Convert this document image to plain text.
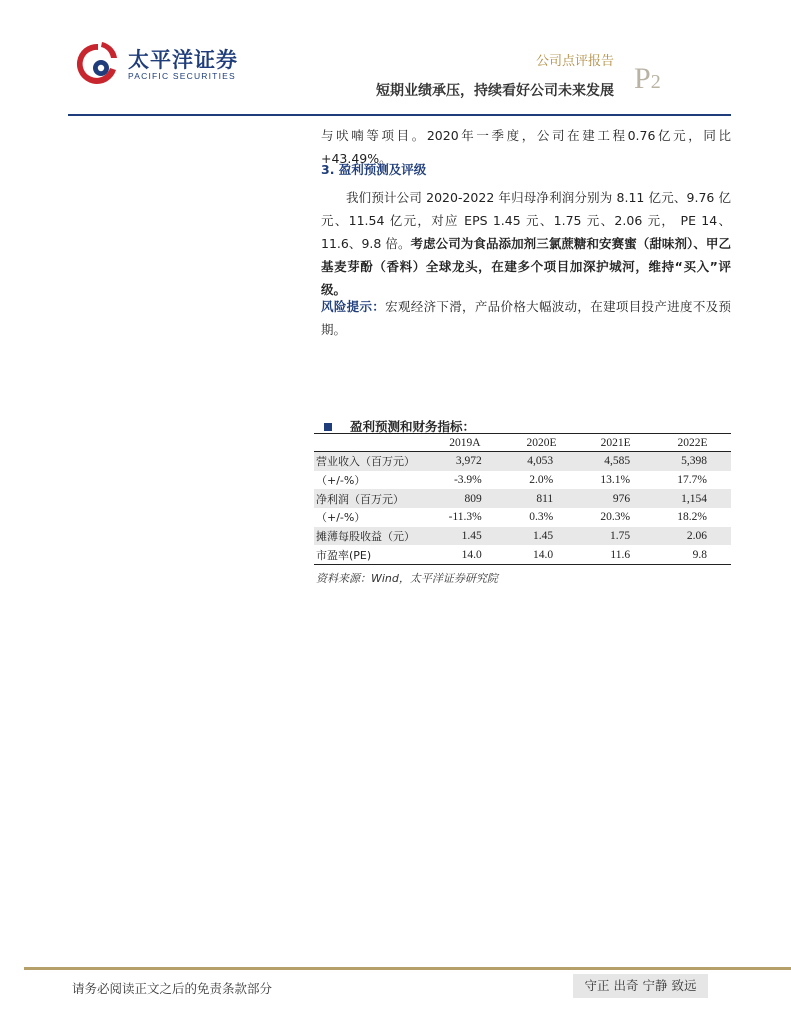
太平洋证券
PACIFIC SECURITIES
公司点评报告
短期业绩承压，持续看好公司未来发展 P2
与吠喃等项目。2020年一季度，公司在建工程0.76亿元，同比+43.49%。
3. 盈利预测及评级
我们预计公司 2020-2022 年归母净利润分别为 8.11 亿元、9.76 亿元、11.54 亿元，对应 EPS 1.45 元、1.75 元、2.06 元， PE 14、11.6、9.8 倍。考虑公司为食品添加剂三氯蔗糖和安赛蜜（甜味剂）、甲乙基麦芽酚（香料）全球龙头，在建多个项目加深护城河，维持“买入”评级。
风险提示：宏观经济下滑，产品价格大幅波动，在建项目投产进度不及预期。
盈利预测和财务指标：
	2019A	2020E	2021E	2022E
营业收入（百万元）	3,972	4,053	4,585	5,398
（+/-%）	-3.9%	2.0%	13.1%	17.7%
净利润（百万元）	809	811	976	1,154
（+/-%）	-11.3%	0.3%	20.3%	18.2%
摊薄每股收益（元）	1.45	1.45	1.75	2.06
市盈率(PE)	14.0	14.0	11.6	9.8
资料来源：Wind，太平洋证券研究院
请务必阅读正文之后的免责条款部分	守正 出奇 宁静 致远
